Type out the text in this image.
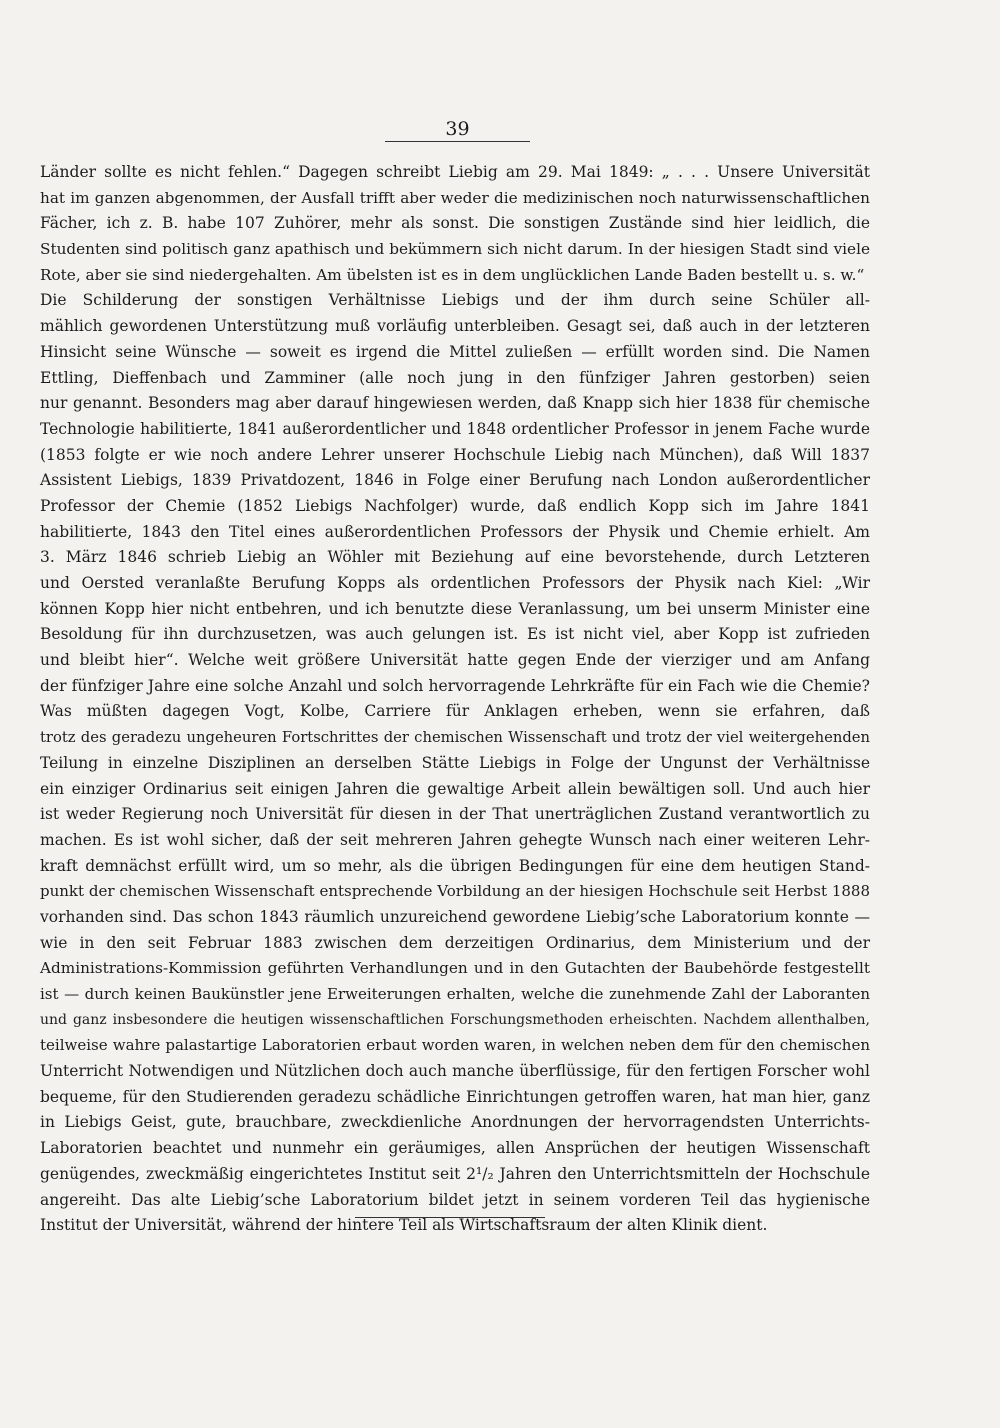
39
Länder sollte es nicht fehlen.“ Dagegen schreibt Liebig am 29. Mai 1849: „ . . . Unsere Universität
hat im ganzen abgenommen, der Ausfall trifft aber weder die medizinischen noch naturwissenschaftlichen
Fächer, ich z. B. habe 107 Zuhörer, mehr als sonst. Die sonstigen Zustände sind hier leidlich, die
Studenten sind politisch ganz apathisch und bekümmern sich nicht darum. In der hiesigen Stadt sind viele
Rote, aber sie sind niedergehalten. Am übelsten ist es in dem unglücklichen Lande Baden bestellt u. s. w.“
Die Schilderung der sonstigen Verhältnisse Liebigs und der ihm durch seine Schüler all-
mählich gewordenen Unterstützung muß vorläufig unterbleiben. Gesagt sei, daß auch in der letzteren
Hinsicht seine Wünsche — soweit es irgend die Mittel zuließen — erfüllt worden sind. Die Namen
Ettling, Dieffenbach und Zamminer (alle noch jung in den fünfziger Jahren gestorben) seien
nur genannt. Besonders mag aber darauf hingewiesen werden, daß Knapp sich hier 1838 für chemische
Technologie habilitierte, 1841 außerordentlicher und 1848 ordentlicher Professor in jenem Fache wurde
(1853 folgte er wie noch andere Lehrer unserer Hochschule Liebig nach München), daß Will 1837
Assistent Liebigs, 1839 Privatdozent, 1846 in Folge einer Berufung nach London außerordentlicher
Professor der Chemie (1852 Liebigs Nachfolger) wurde, daß endlich Kopp sich im Jahre 1841
habilitierte, 1843 den Titel eines außerordentlichen Professors der Physik und Chemie erhielt. Am
3. März 1846 schrieb Liebig an Wöhler mit Beziehung auf eine bevorstehende, durch Letzteren
und Oersted veranlaßte Berufung Kopps als ordentlichen Professors der Physik nach Kiel: „Wir
können Kopp hier nicht entbehren, und ich benutzte diese Veranlassung, um bei unserm Minister eine
Besoldung für ihn durchzusetzen, was auch gelungen ist. Es ist nicht viel, aber Kopp ist zufrieden
und bleibt hier“. Welche weit größere Universität hatte gegen Ende der vierziger und am Anfang
der fünfziger Jahre eine solche Anzahl und solch hervorragende Lehrkräfte für ein Fach wie die Chemie?
Was müßten dagegen Vogt, Kolbe, Carriere für Anklagen erheben, wenn sie erfahren, daß
trotz des geradezu ungeheuren Fortschrittes der chemischen Wissenschaft und trotz der viel weitergehenden
Teilung in einzelne Disziplinen an derselben Stätte Liebigs in Folge der Ungunst der Verhältnisse
ein einziger Ordinarius seit einigen Jahren die gewaltige Arbeit allein bewältigen soll. Und auch hier
ist weder Regierung noch Universität für diesen in der That unerträglichen Zustand verantwortlich zu
machen. Es ist wohl sicher, daß der seit mehreren Jahren gehegte Wunsch nach einer weiteren Lehr-
kraft demnächst erfüllt wird, um so mehr, als die übrigen Bedingungen für eine dem heutigen Stand-
punkt der chemischen Wissenschaft entsprechende Vorbildung an der hiesigen Hochschule seit Herbst 1888
vorhanden sind. Das schon 1843 räumlich unzureichend gewordene Liebig’sche Laboratorium konnte —
wie in den seit Februar 1883 zwischen dem derzeitigen Ordinarius, dem Ministerium und der
Administrations-Kommission geführten Verhandlungen und in den Gutachten der Baubehörde festgestellt
ist — durch keinen Baukünstler jene Erweiterungen erhalten, welche die zunehmende Zahl der Laboranten
und ganz insbesondere die heutigen wissenschaftlichen Forschungsmethoden erheischten. Nachdem allenthalben,
teilweise wahre palastartige Laboratorien erbaut worden waren, in welchen neben dem für den chemischen
Unterricht Notwendigen und Nützlichen doch auch manche überflüssige, für den fertigen Forscher wohl
bequeme, für den Studierenden geradezu schädliche Einrichtungen getroffen waren, hat man hier, ganz
in Liebigs Geist, gute, brauchbare, zweckdienliche Anordnungen der hervorragendsten Unterrichts-
Laboratorien beachtet und nunmehr ein geräumiges, allen Ansprüchen der heutigen Wissenschaft
genügendes, zweckmäßig eingerichtetes Institut seit 2¹/₂ Jahren den Unterrichtsmitteln der Hochschule
angereiht. Das alte Liebig’sche Laboratorium bildet jetzt in seinem vorderen Teil das hygienische
Institut der Universität, während der hintere Teil als Wirtschaftsraum der alten Klinik dient.
